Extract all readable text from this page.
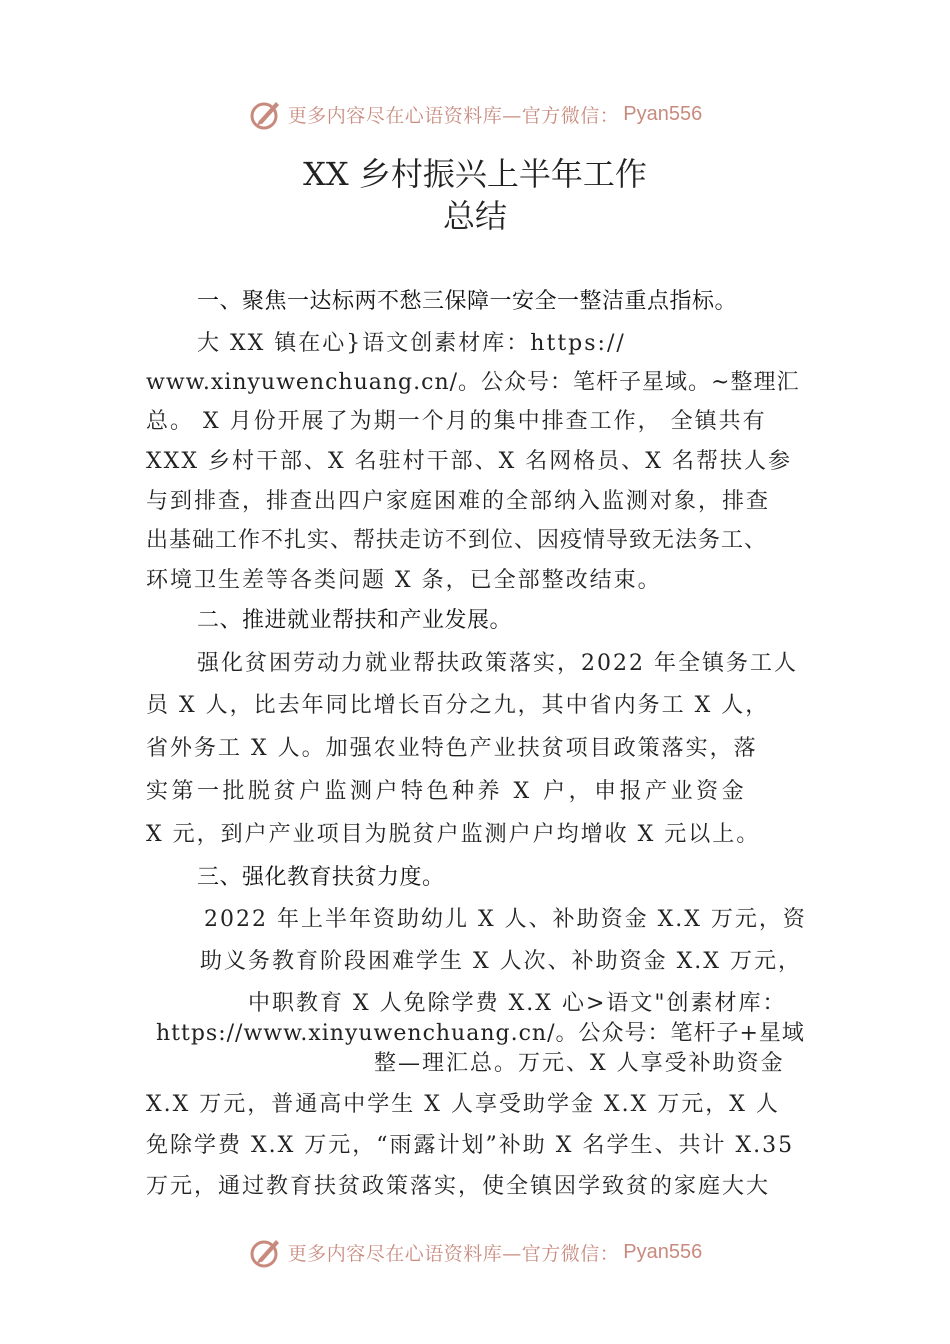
更多内容尽在心语资料库—官方微信： Pyan556
XX 乡村振兴上半年工作
总结
一、聚焦一达标两不愁三保障一安全一整洁重点指标。
大 XX 镇在心}语文创素材库：https://
www.xinyuwenchuang.cn/。公众号：笔杆子星域。~整理汇
总。 X 月份开展了为期一个月的集中排查工作， 全镇共有
XXX 乡村干部、X 名驻村干部、X 名网格员、X 名帮扶人参
与到排查，排查出四户家庭困难的全部纳入监测对象，排查
出基础工作不扎实、帮扶走访不到位、因疫情导致无法务工、
环境卫生差等各类问题 X 条，已全部整改结束。
二、推进就业帮扶和产业发展。
强化贫困劳动力就业帮扶政策落实，2022 年全镇务工人
员 X 人，比去年同比增长百分之九，其中省内务工 X 人，
省外务工 X 人。加强农业特色产业扶贫项目政策落实，落
实第一批脱贫户监测户特色种养 X 户，申报产业资金
X 元，到户产业项目为脱贫户监测户户均增收 X 元以上。
三、强化教育扶贫力度。
2022 年上半年资助幼儿 X 人、补助资金 X.X 万元，资
助义务教育阶段困难学生 X 人次、补助资金 X.X 万元，
中职教育 X 人免除学费 X.X 心>语文"创素材库：
https://www.xinyuwenchuang.cn/。公众号：笔杆子+星域
整—理汇总。万元、X 人享受补助资金
X.X 万元，普通高中学生 X 人享受助学金 X.X 万元，X 人
免除学费 X.X 万元，“雨露计划”补助 X 名学生、共计 X.35
万元，通过教育扶贫政策落实，使全镇因学致贫的家庭大大
更多内容尽在心语资料库—官方微信： Pyan556
